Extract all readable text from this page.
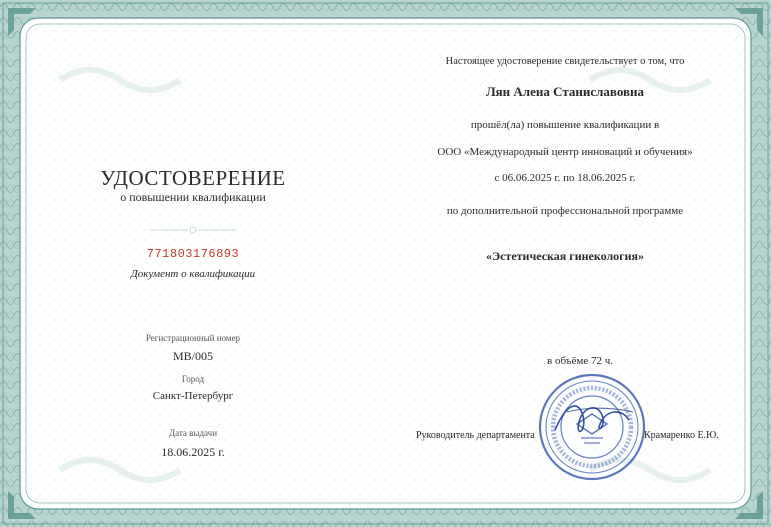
УДОСТОВЕРЕНИЕ
о повышении квалификации
771803176893
Документ о квалификации
Регистрационный номер
МВ/005
Город
Санкт-Петербург
Дата выдачи
18.06.2025 г.
Настоящее удостоверение свидетельствует о том, что
Лян Алена Станиславовна
прошёл(ла) повышение квалификации в
ООО «Международный центр инноваций и обучения»
с 06.06.2025 г. по 18.06.2025 г.
по дополнительной профессиональной программе
«Эстетическая гинекология»
в объёме 72 ч.
Руководитель департамента	Крамаренко Е.Ю.
